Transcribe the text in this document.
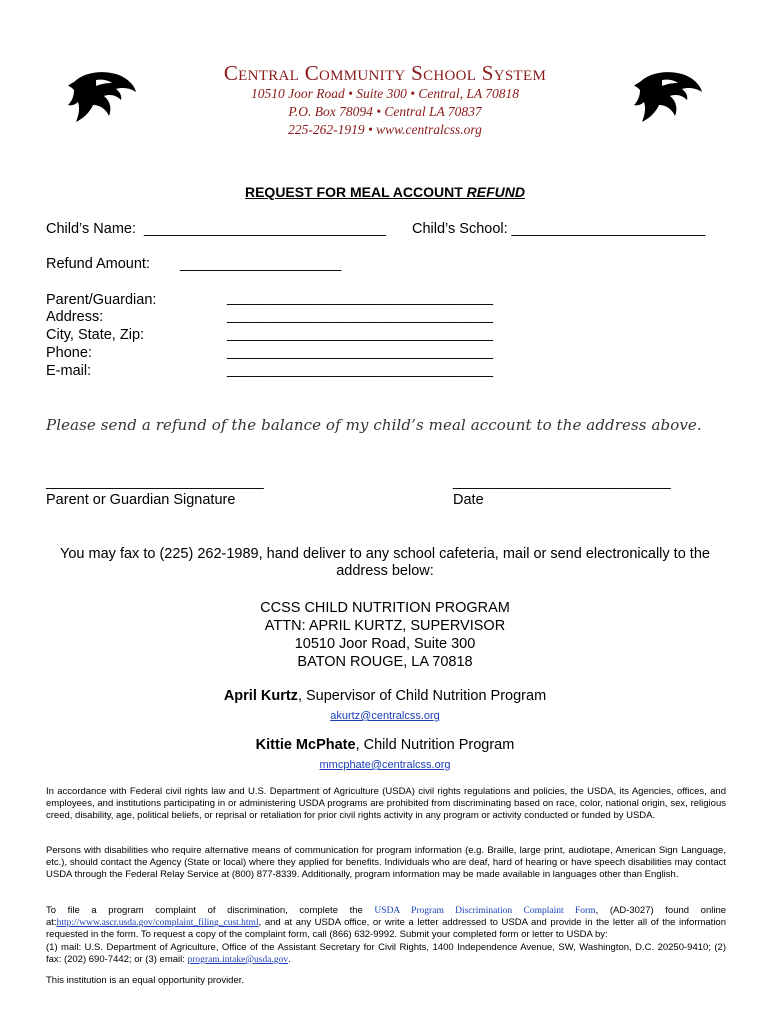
Central Community School System
10510 Joor Road • Suite 300 • Central, LA 70818
P.O. Box 78094 • Central LA 70837
225-262-1919 • www.centralcss.org
REQUEST FOR MEAL ACCOUNT REFUND
Child’s Name:  ______________________________ Child’s School: ________________________
Refund Amount: ____________________
Parent/Guardian:
Address:
City, State, Zip:
Phone:
E-mail:
_________________________________
_________________________________
_________________________________
_________________________________
_________________________________
Please send a refund of the balance of my child’s meal account to the address above.
___________________________
Parent or Guardian Signature
___________________________
Date
You may fax to (225) 262-1989, hand deliver to any school cafeteria, mail or send electronically to the
address below:
CCSS CHILD NUTRITION PROGRAM
ATTN: APRIL KURTZ, SUPERVISOR
10510 Joor Road, Suite 300
BATON ROUGE, LA 70818
April Kurtz, Supervisor of Child Nutrition Program
akurtz@centralcss.org
Kittie McPhate, Child Nutrition Program
mmcphate@centralcss.org
In accordance with Federal civil rights law and U.S. Department of Agriculture (USDA) civil rights regulations and policies, the USDA, its Agencies, offices, and employees, and institutions participating in or administering USDA programs are prohibited from discriminating based on race, color, national origin, sex, religious creed, disability, age, political beliefs, or reprisal or retaliation for prior civil rights activity in any program or activity conducted or funded by USDA.
Persons with disabilities who require alternative means of communication for program information (e.g. Braille, large print, audiotape, American Sign Language, etc.), should contact the Agency (State or local) where they applied for benefits. Individuals who are deaf, hard of hearing or have speech disabilities may contact USDA through the Federal Relay Service at (800) 877-8339. Additionally, program information may be made available in languages other than English.
To file a program complaint of discrimination, complete the USDA Program Discrimination Complaint Form, (AD-3027) found online at:http://www.ascr.usda.gov/complaint_filing_cust.html, and at any USDA office, or write a letter addressed to USDA and provide in the letter all of the information requested in the form. To request a copy of the complaint form, call (866) 632-9992. Submit your completed form or letter to USDA by:
(1) mail: U.S. Department of Agriculture, Office of the Assistant Secretary for Civil Rights, 1400 Independence Avenue, SW, Washington, D.C. 20250-9410; (2) fax: (202) 690-7442; or (3) email: program.intake@usda.gov.
This institution is an equal opportunity provider.
